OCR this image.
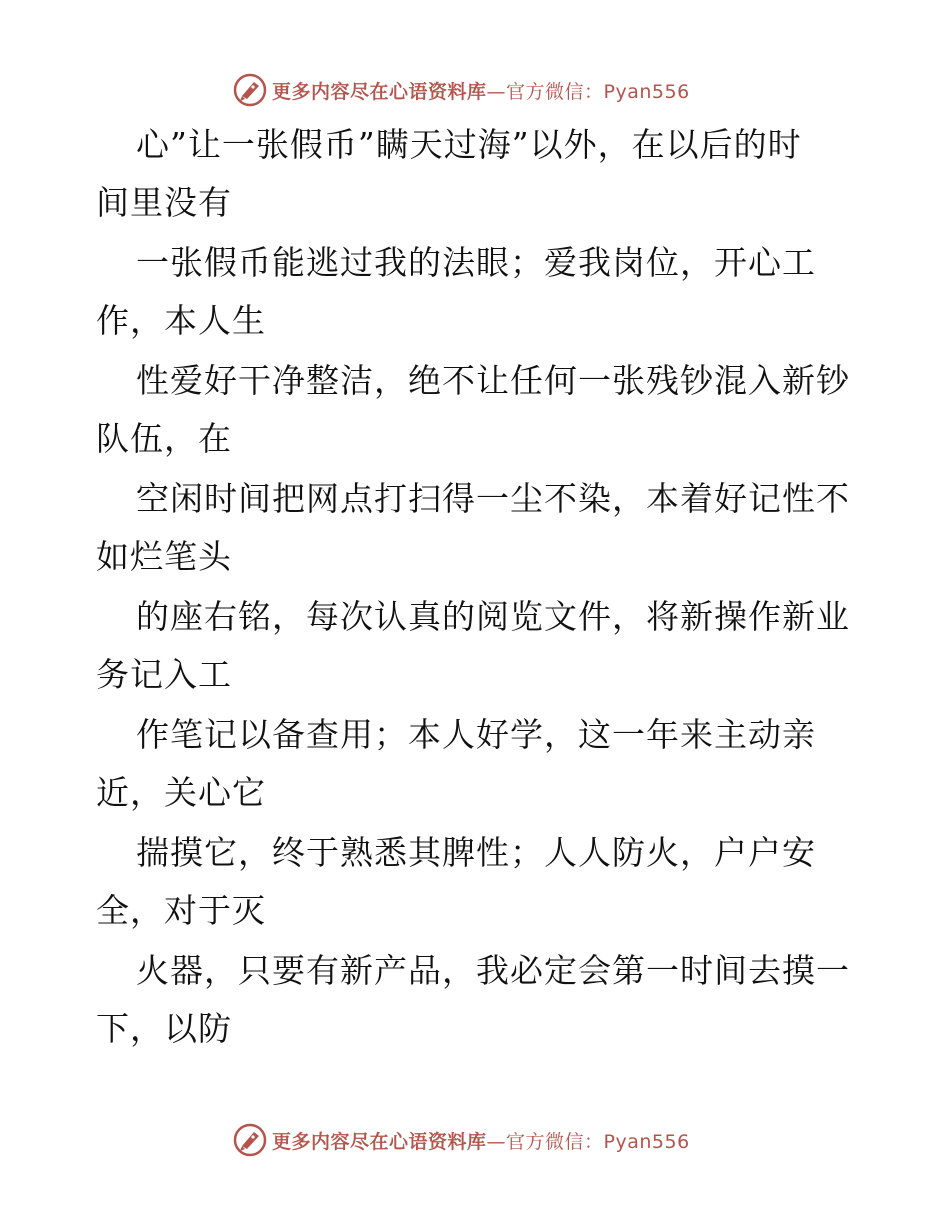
更多内容尽在心语资料库—官方微信：Pyan556
心”让一张假币”瞒天过海”以外，在以后的时
间里没有
一张假币能逃过我的法眼；爱我岗位，开心工
作，本人生
性爱好干净整洁，绝不让任何一张残钞混入新钞
队伍，在
空闲时间把网点打扫得一尘不染，本着好记性不
如烂笔头
的座右铭，每次认真的阅览文件，将新操作新业
务记入工
作笔记以备查用；本人好学，这一年来主动亲
近，关心它
揣摸它，终于熟悉其脾性；人人防火，户户安
全，对于灭
火器，只要有新产品，我必定会第一时间去摸一
下，以防
更多内容尽在心语资料库—官方微信：Pyan556
